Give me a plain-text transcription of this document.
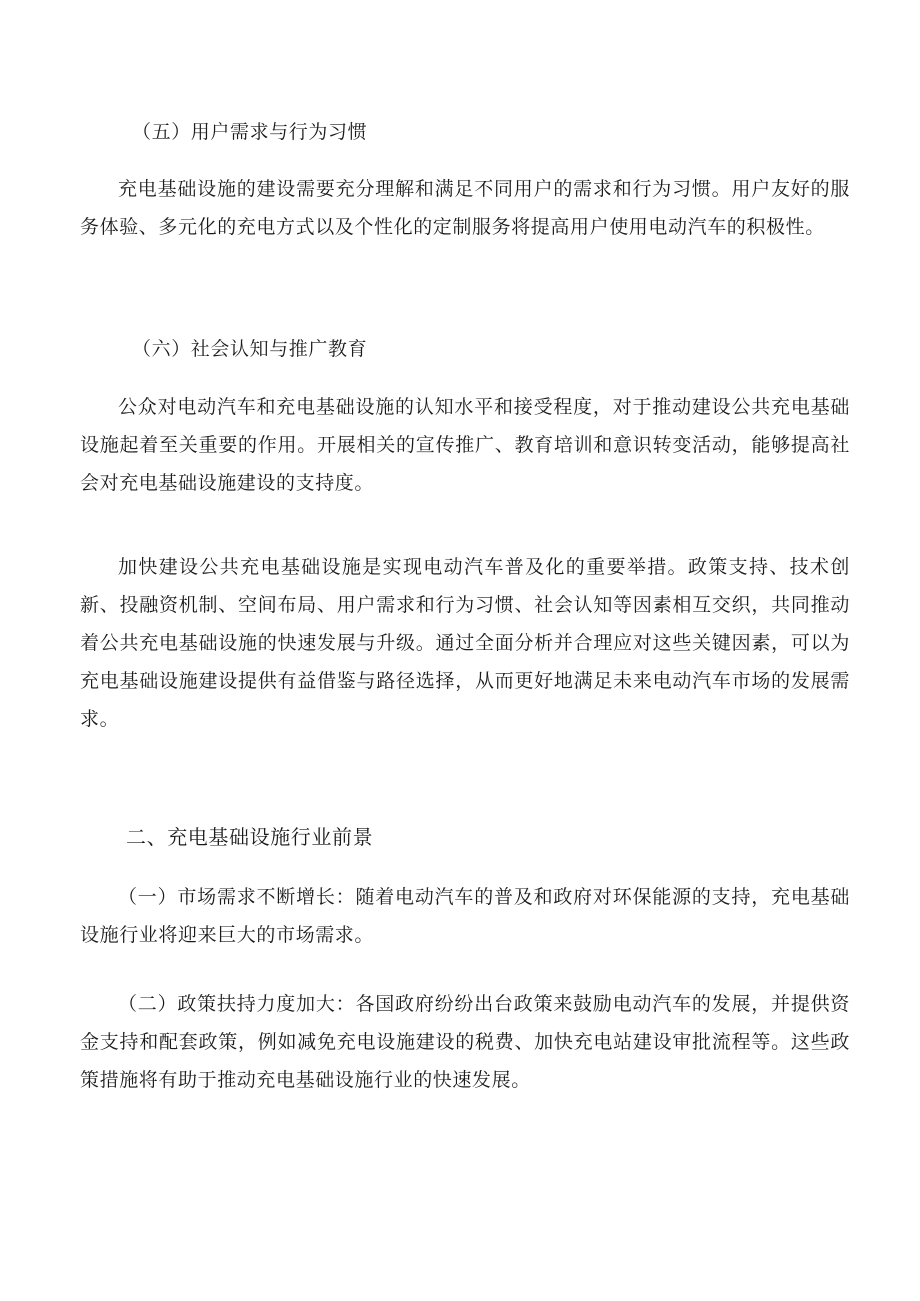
（五）用户需求与行为习惯

充电基础设施的建设需要充分理解和满足不同用户的需求和行为习惯。用户友好的服务体验、多元化的充电方式以及个性化的定制服务将提高用户使用电动汽车的积极性。

（六）社会认知与推广教育

公众对电动汽车和充电基础设施的认知水平和接受程度，对于推动建设公共充电基础设施起着至关重要的作用。开展相关的宣传推广、教育培训和意识转变活动，能够提高社会对充电基础设施建设的支持度。

加快建设公共充电基础设施是实现电动汽车普及化的重要举措。政策支持、技术创新、投融资机制、空间布局、用户需求和行为习惯、社会认知等因素相互交织，共同推动着公共充电基础设施的快速发展与升级。通过全面分析并合理应对这些关键因素，可以为充电基础设施建设提供有益借鉴与路径选择，从而更好地满足未来电动汽车市场的发展需求。

二、充电基础设施行业前景

（一）市场需求不断增长：随着电动汽车的普及和政府对环保能源的支持，充电基础设施行业将迎来巨大的市场需求。

（二）政策扶持力度加大：各国政府纷纷出台政策来鼓励电动汽车的发展，并提供资金支持和配套政策，例如减免充电设施建设的税费、加快充电站建设审批流程等。这些政策措施将有助于推动充电基础设施行业的快速发展。
